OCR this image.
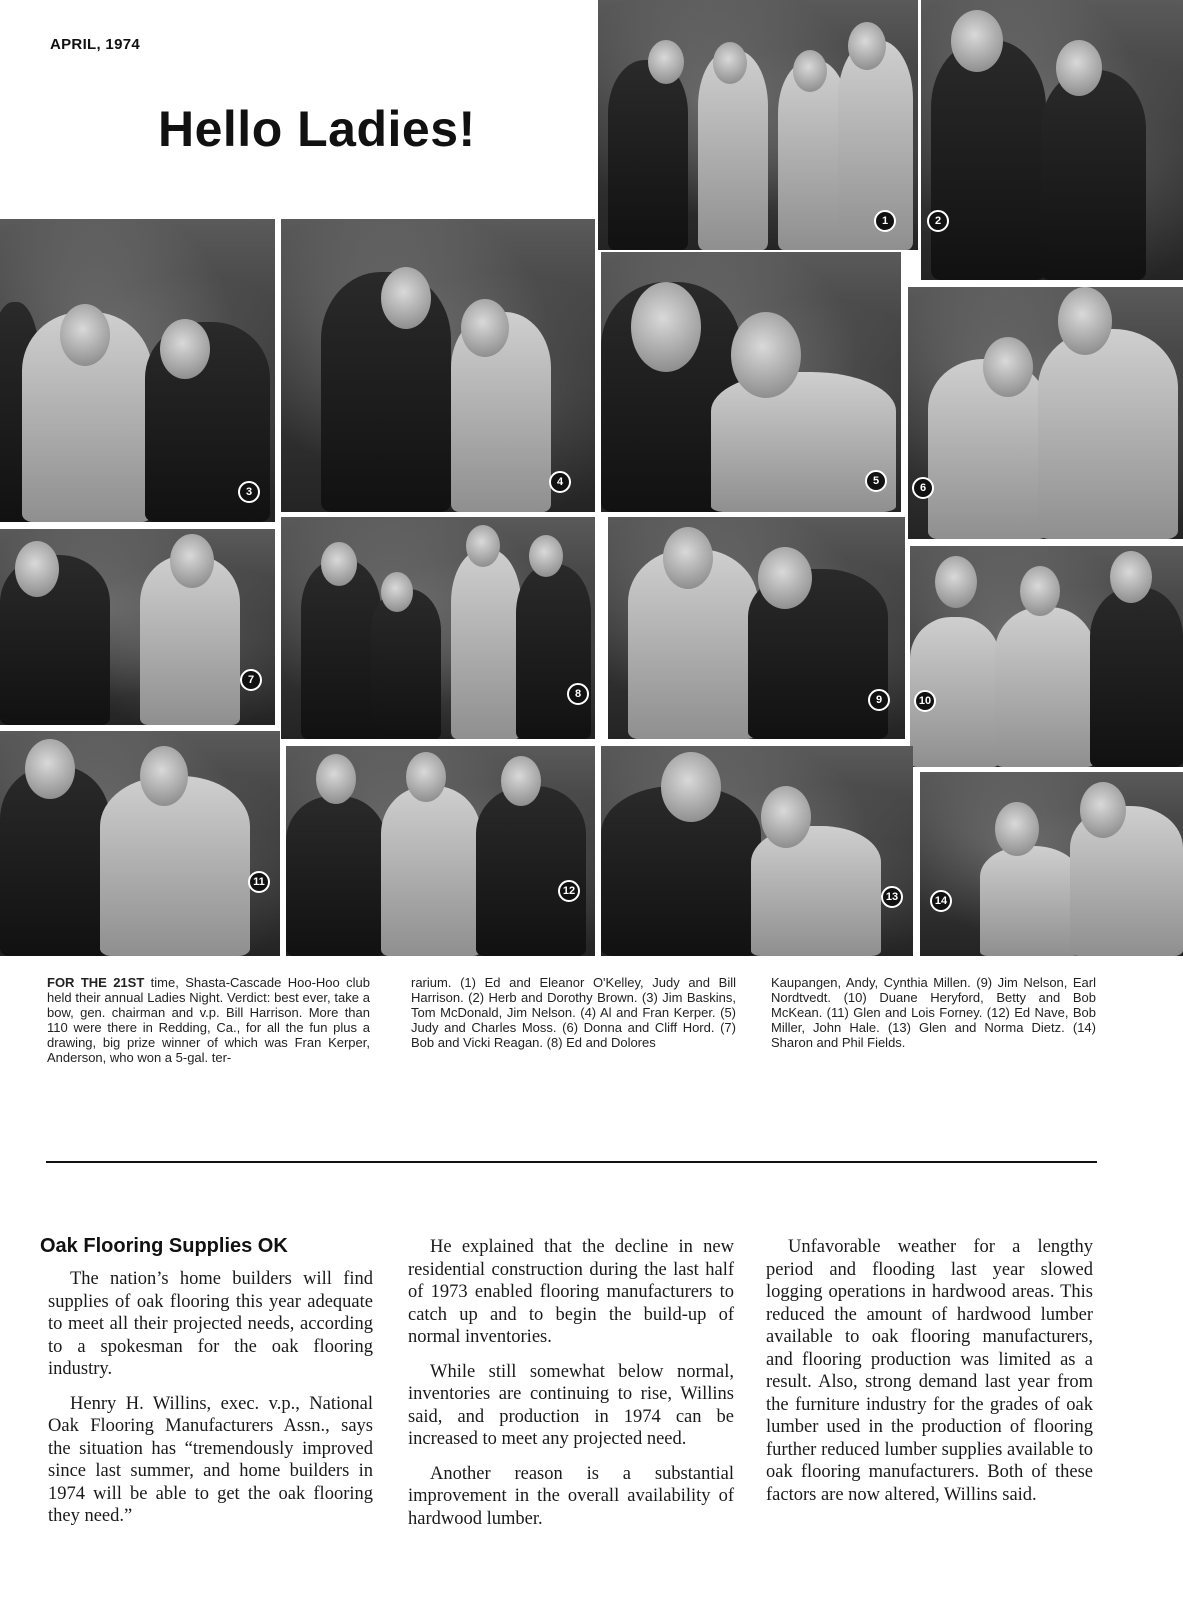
APRIL, 1974
Hello Ladies!
1	2
3
4	5
6
7
8	9	10
11
12	13	14

FOR THE 21ST time, Shasta-Cascade Hoo-Hoo club held their annual Ladies Night. Verdict: best ever, take a bow, gen. chairman and v.p. Bill Harrison. More than 110 were there in Redding, Ca., for all the fun plus a drawing, big prize winner of which was Fran Kerper, Anderson, who won a 5-gal. ter-

rarium. (1) Ed and Eleanor O'Kelley, Judy and Bill Harrison. (2) Herb and Dorothy Brown. (3) Jim Baskins, Tom McDonald, Jim Nelson. (4) Al and Fran Kerper. (5) Judy and Charles Moss. (6) Donna and Cliff Hord. (7) Bob and Vicki Reagan. (8) Ed and Dolores

Kaupangen, Andy, Cynthia Millen. (9) Jim Nelson, Earl Nordtvedt. (10) Duane Heryford, Betty and Bob McKean. (11) Glen and Lois Forney. (12) Ed Nave, Bob Miller, John Hale. (13) Glen and Norma Dietz. (14) Sharon and Phil Fields.

Oak Flooring Supplies OK

The nation’s home builders will find supplies of oak flooring this year adequate to meet all their projected needs, according to a spokesman for the oak flooring industry.

Henry H. Willins, exec. v.p., National Oak Flooring Manufacturers Assn., says the situation has “tremendously improved since last summer, and home builders in 1974 will be able to get the oak flooring they need.”

He explained that the decline in new residential construction during the last half of 1973 enabled flooring manufacturers to catch up and to begin the build-up of normal inventories.

While still somewhat below normal, inventories are continuing to rise, Willins said, and production in 1974 can be increased to meet any projected need.

Another reason is a substantial improvement in the overall availability of hardwood lumber.

Unfavorable weather for a lengthy period and flooding last year slowed logging operations in hardwood areas. This reduced the amount of hardwood lumber available to oak flooring manufacturers, and flooring production was limited as a result. Also, strong demand last year from the furniture industry for the grades of oak lumber used in the production of flooring further reduced lumber supplies available to oak flooring manufacturers. Both of these factors are now altered, Willins said.
